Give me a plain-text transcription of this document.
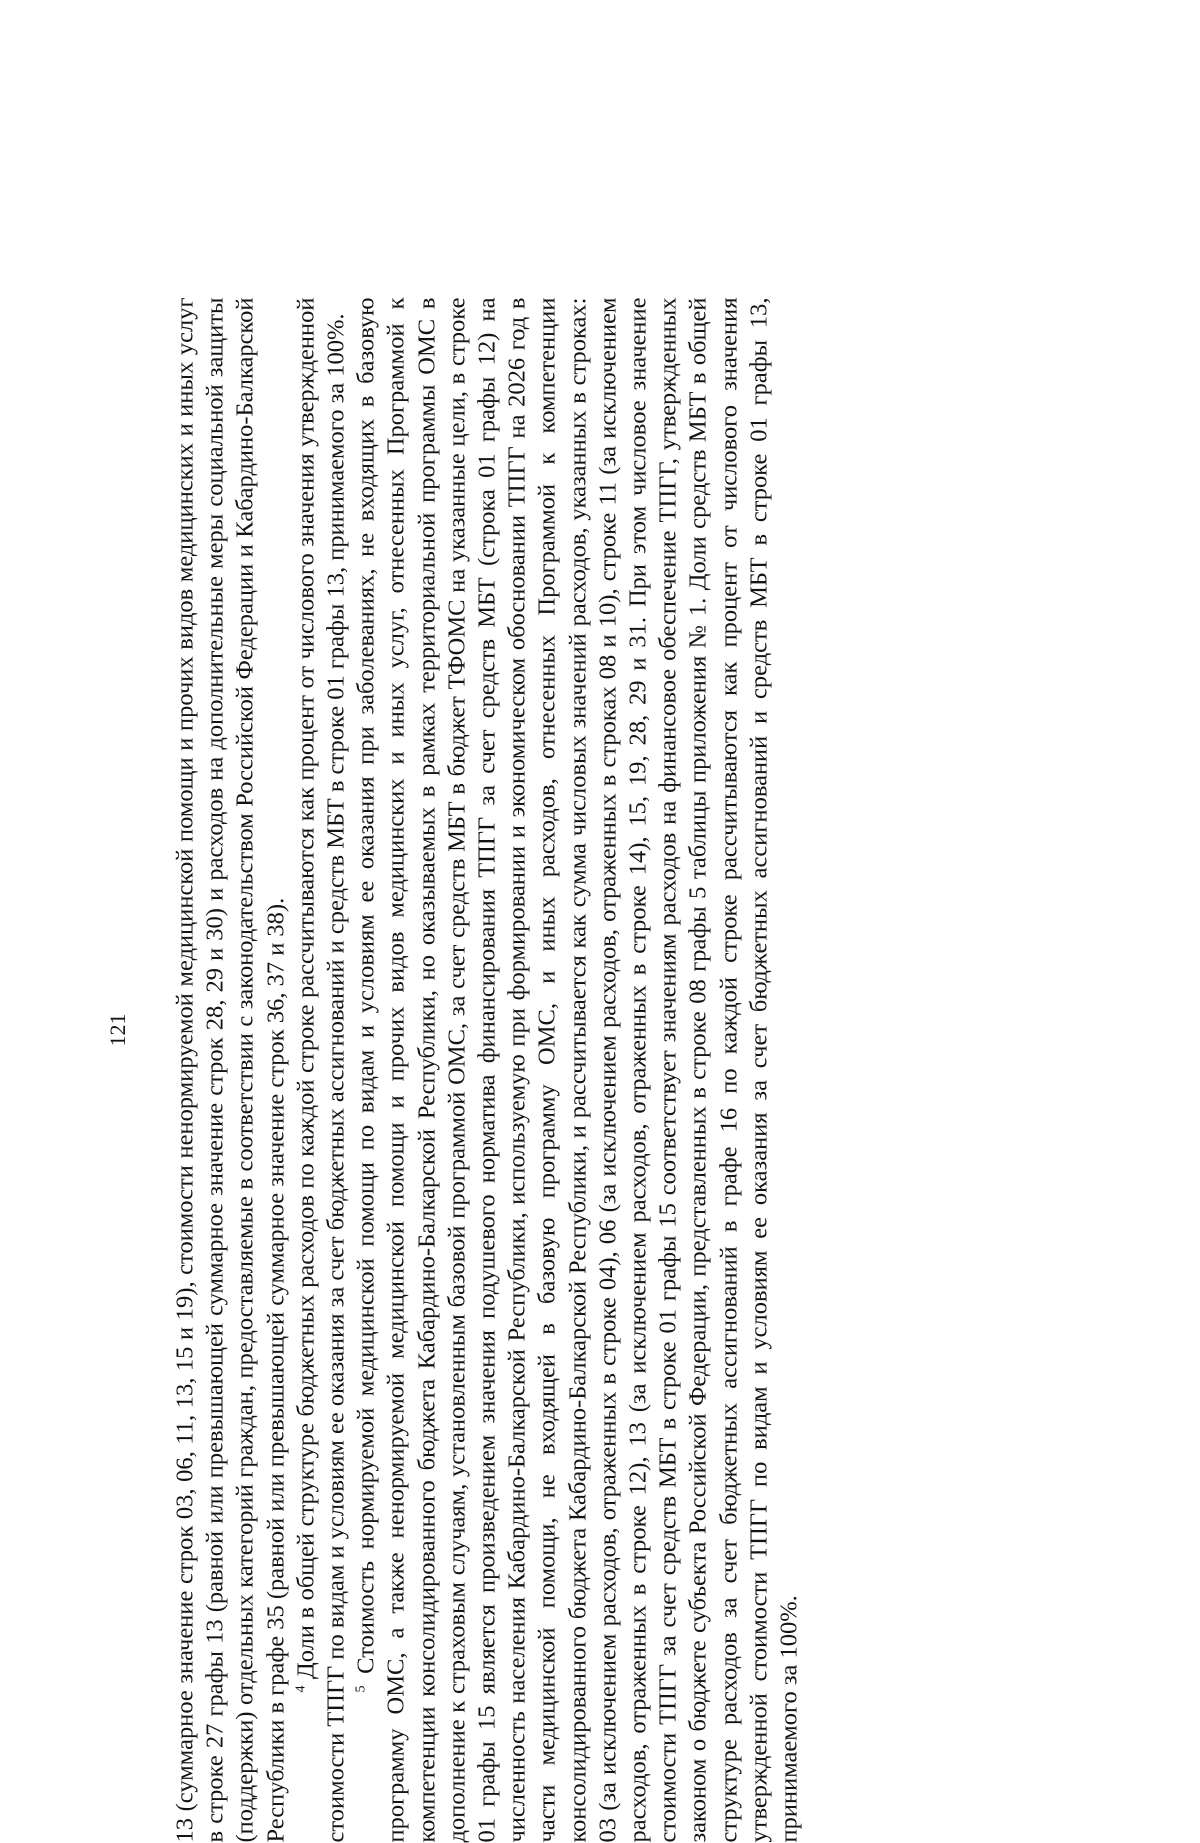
121	13 (суммарное значение строк 03, 06, 11, 13, 15 и 19), стоимости ненормируемой медицинской помощи и прочих видов медицинских и иных услуг в строке 27 графы 13 (равной или превышающей суммарное значение строк 28, 29 и 30) и расходов на дополнительные меры социальной защиты (поддержки) отдельных категорий граждан, предоставляемые в соответствии с законодательством Российской Федерации и Кабардино-Балкарской Республики в графе 35 (равной или превышающей суммарное значение строк 36, 37 и 38). $^4$ Доли в общей структуре бюджетных расходов по каждой строке рассчитываются как процент от числового значения утвержденной стоимости ТПГГ по видам и условиям ее оказания за счет бюджетных ассигнований и средств МБТ в строке 01 графы 13, принимаемого за 100%. $^5$ Стоимость нормируемой медицинской помощи по видам и условиям ее оказания при заболеваниях, не входящих в базовую программу ОМС, а также ненормируемой медицинской помощи и прочих видов медицинских и иных услуг, отнесенных Программой к компетенции консолидированного бюджета Кабардино-Балкарской Республики, но оказываемых в рамках территориальной программы ОМС в дополнение к страховым случаям, установленным базовой программой ОМС, за счет средств МБТ в бюджет ТФОМС на указанные цели, в строке 01 графы 15 является произведением значения подушевого норматива финансирования ТПГГ за счет средств МБТ (строка 01 графы 12) на численность населения Кабардино-Балкарской Республики, используемую при формировании и экономическом обосновании ТПГГ на 2026 год в части медицинской помощи, не входящей в базовую программу ОМС, и иных расходов, отнесенных Программой к компетенции консолидированного бюджета Кабардино-Балкарской Республики, и рассчитывается как сумма числовых значений расходов, указанных в строках: 03 (за исключением расходов, отраженных в строке 04), 06 (за исключением расходов, отраженных в строках 08 и 10), строке 11 (за исключением расходов, отраженных в строке 12), 13 (за исключением расходов, отраженных в строке 14), 15, 19, 28, 29 и 31. При этом числовое значение стоимости ТПГГ за счет средств МБТ в строке 01 графы 15 соответствует значениям расходов на финансовое обеспечение ТПГГ, утвержденных законом о бюджете субъекта Российской Федерации, представленных в строке 08 графы 5 таблицы приложения № 1. Доли средств МБТ в общей структуре расходов за счет бюджетных ассигнований в графе 16 по каждой строке рассчитываются как процент от числового значения утвержденной стоимости ТПГГ по видам и условиям ее оказания за счет бюджетных ассигнований и средств МБТ в строке 01 графы 13, принимаемого за 100%.
